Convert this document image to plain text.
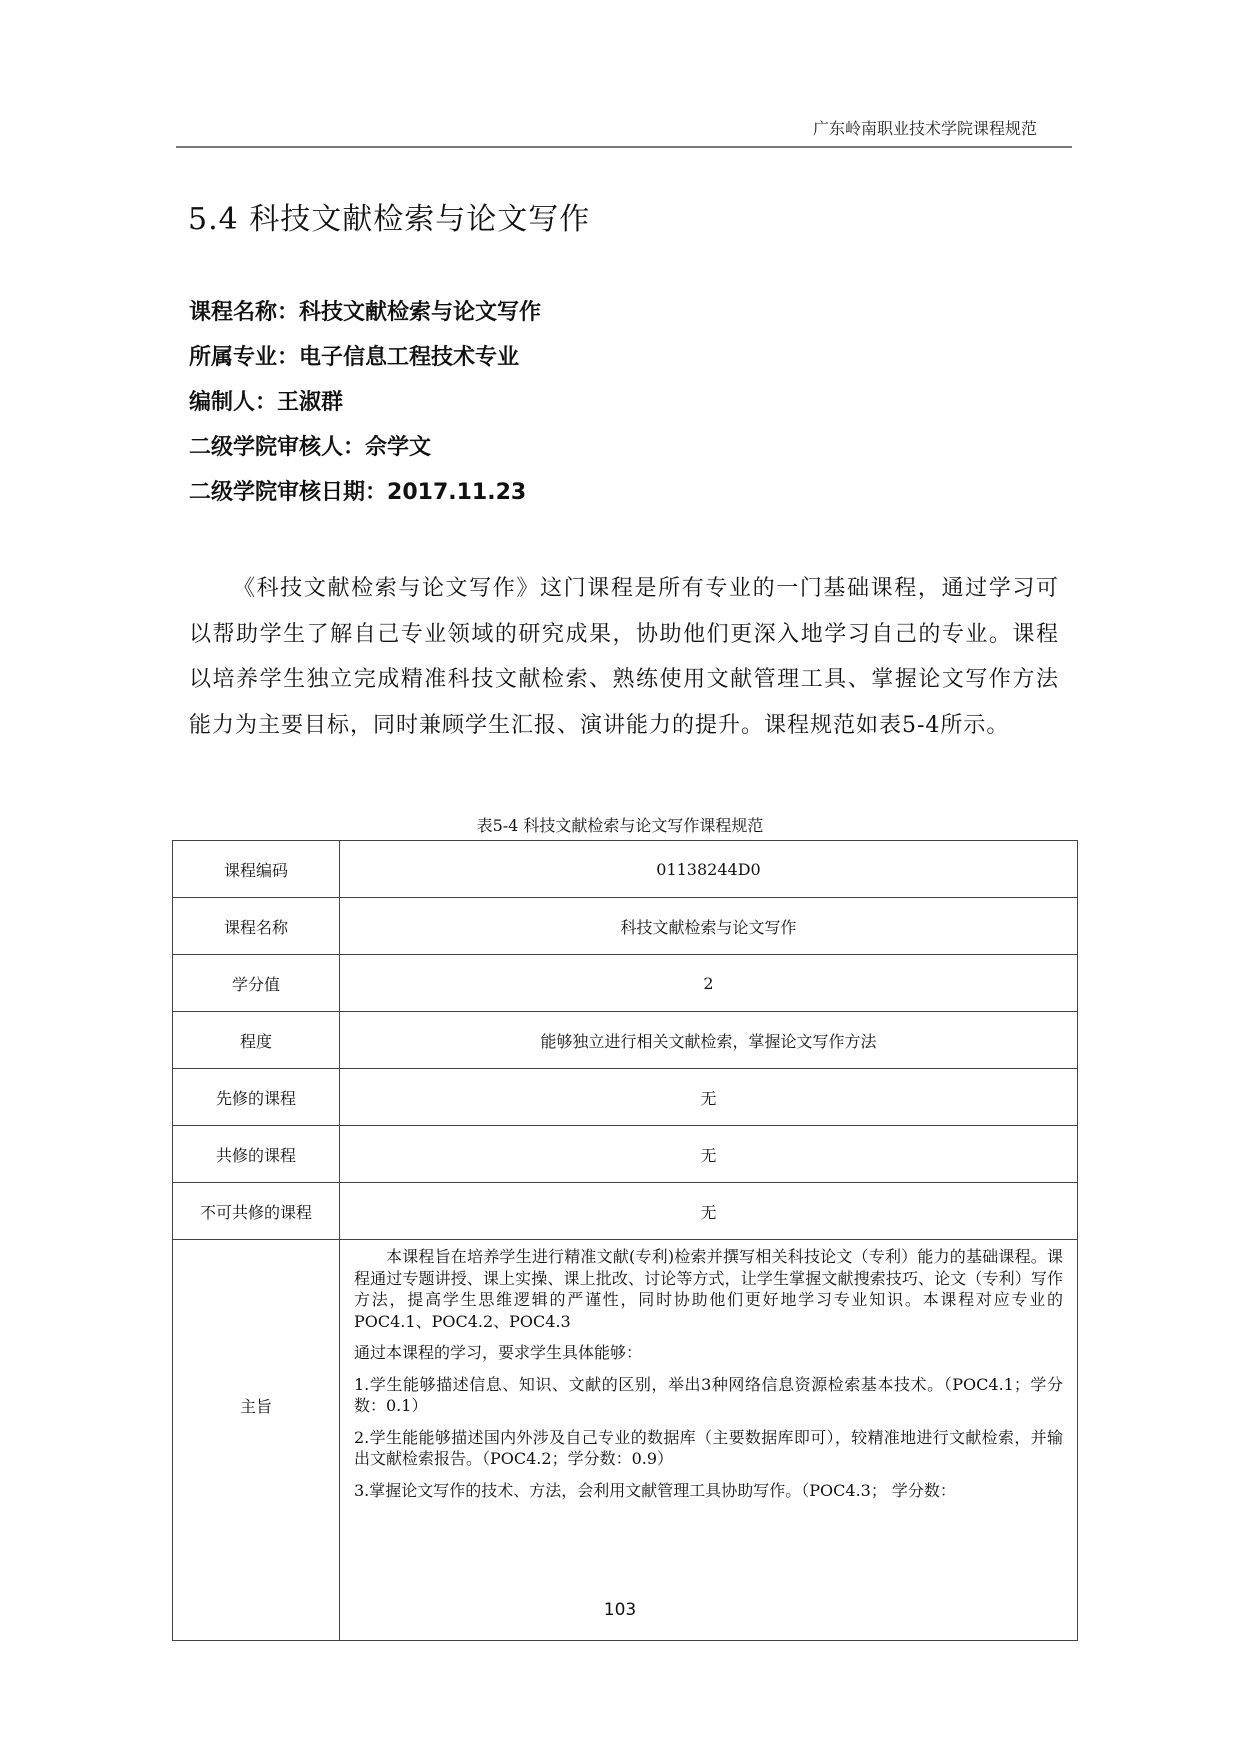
广东岭南职业技术学院课程规范
5.4 科技文献检索与论文写作
课程名称：科技文献检索与论文写作
所属专业：电子信息工程技术专业
编制人：王淑群
二级学院审核人：佘学文
二级学院审核日期：2017.11.23

《科技文献检索与论文写作》这门课程是所有专业的一门基础课程，通过学习可以帮助学生了解自己专业领域的研究成果，协助他们更深入地学习自己的专业。课程以培养学生独立完成精准科技文献检索、熟练使用文献管理工具、掌握论文写作方法能力为主要目标，同时兼顾学生汇报、演讲能力的提升。课程规范如表5-4所示。

表5-4 科技文献检索与论文写作课程规范
课程编码	01138244D0
课程名称	科技文献检索与论文写作
学分值	2
程度	能够独立进行相关文献检索，掌握论文写作方法
先修的课程	无
共修的课程	无
不可共修的课程	无
主旨	本课程旨在培养学生进行精准文献(专利)检索并撰写相关科技论文（专利）能力的基础课程。课程通过专题讲授、课上实操、课上批改、讨论等方式，让学生掌握文献搜索技巧、论文（专利）写作方法，提高学生思维逻辑的严谨性，同时协助他们更好地学习专业知识。本课程对应专业的 POC4.1、POC4.2、POC4.3

通过本课程的学习，要求学生具体能够：

1.学生能够描述信息、知识、文献的区别，举出3种网络信息资源检索基本技术。（POC4.1；学分数：0.1）

2.学生能能够描述国内外涉及自己专业的数据库（主要数据库即可），较精准地进行文献检索，并输出文献检索报告。（POC4.2；学分数：0.9）

3.掌握论文写作的技术、方法，会利用文献管理工具协助写作。（POC4.3； 学分数：

103
